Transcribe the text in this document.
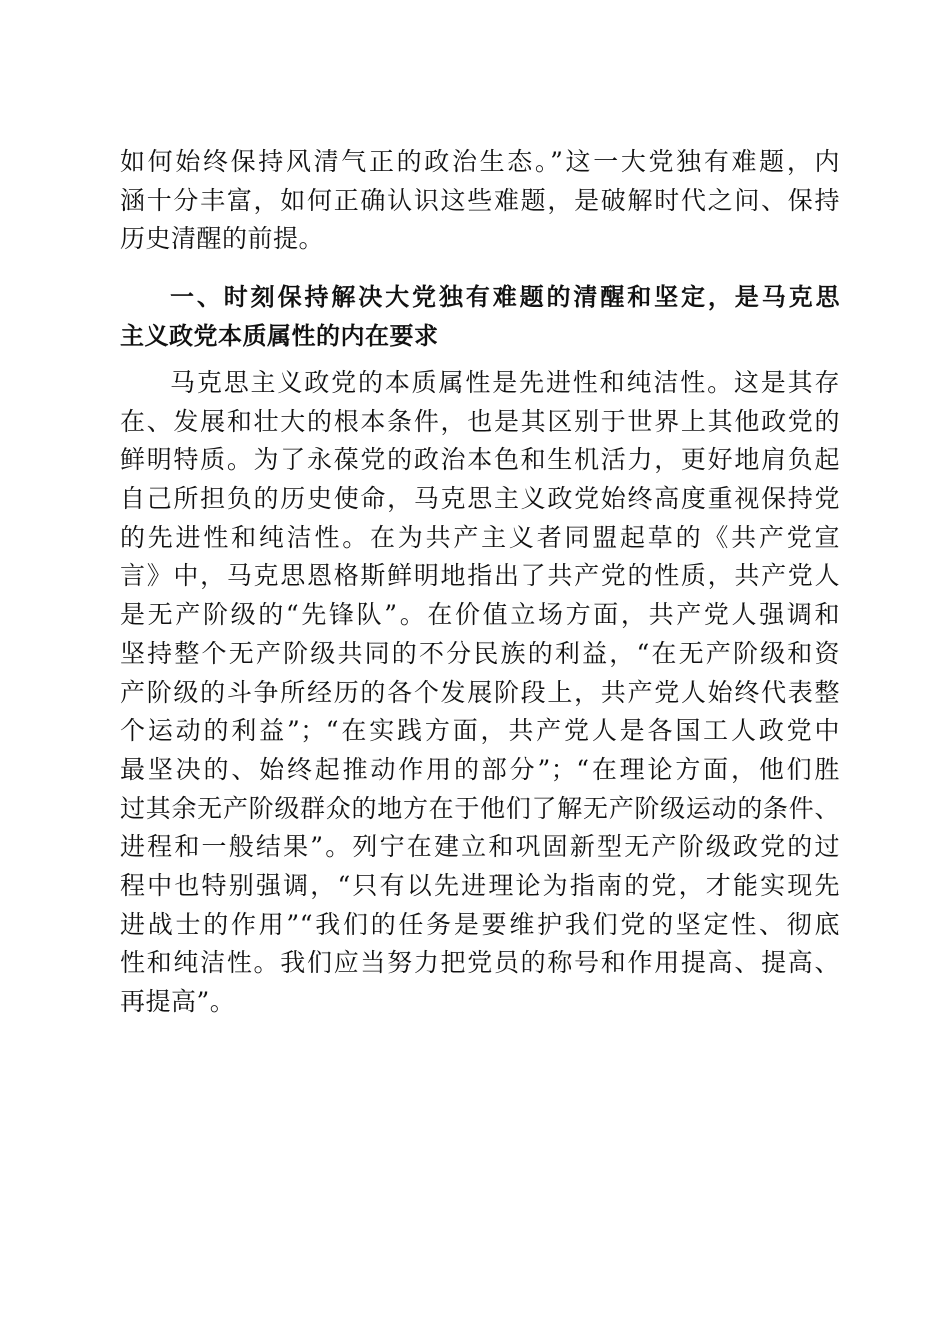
如何始终保持风清气正的政治生态。”这一大党独有难题，内
涵十分丰富，如何正确认识这些难题，是破解时代之问、保持
历史清醒的前提。
一、时刻保持解决大党独有难题的清醒和坚定，是马克思
主义政党本质属性的内在要求
马克思主义政党的本质属性是先进性和纯洁性。这是其存
在、发展和壮大的根本条件，也是其区别于世界上其他政党的
鲜明特质。为了永葆党的政治本色和生机活力，更好地肩负起
自己所担负的历史使命，马克思主义政党始终高度重视保持党
的先进性和纯洁性。在为共产主义者同盟起草的《共产党宣
言》中，马克思恩格斯鲜明地指出了共产党的性质，共产党人
是无产阶级的“先锋队”。在价值立场方面，共产党人强调和
坚持整个无产阶级共同的不分民族的利益，“在无产阶级和资
产阶级的斗争所经历的各个发展阶段上，共产党人始终代表整
个运动的利益”；“在实践方面，共产党人是各国工人政党中
最坚决的、始终起推动作用的部分”；“在理论方面，他们胜
过其余无产阶级群众的地方在于他们了解无产阶级运动的条件、
进程和一般结果”。列宁在建立和巩固新型无产阶级政党的过
程中也特别强调，“只有以先进理论为指南的党，才能实现先
进战士的作用”“我们的任务是要维护我们党的坚定性、彻底
性和纯洁性。我们应当努力把党员的称号和作用提高、提高、
再提高”。
